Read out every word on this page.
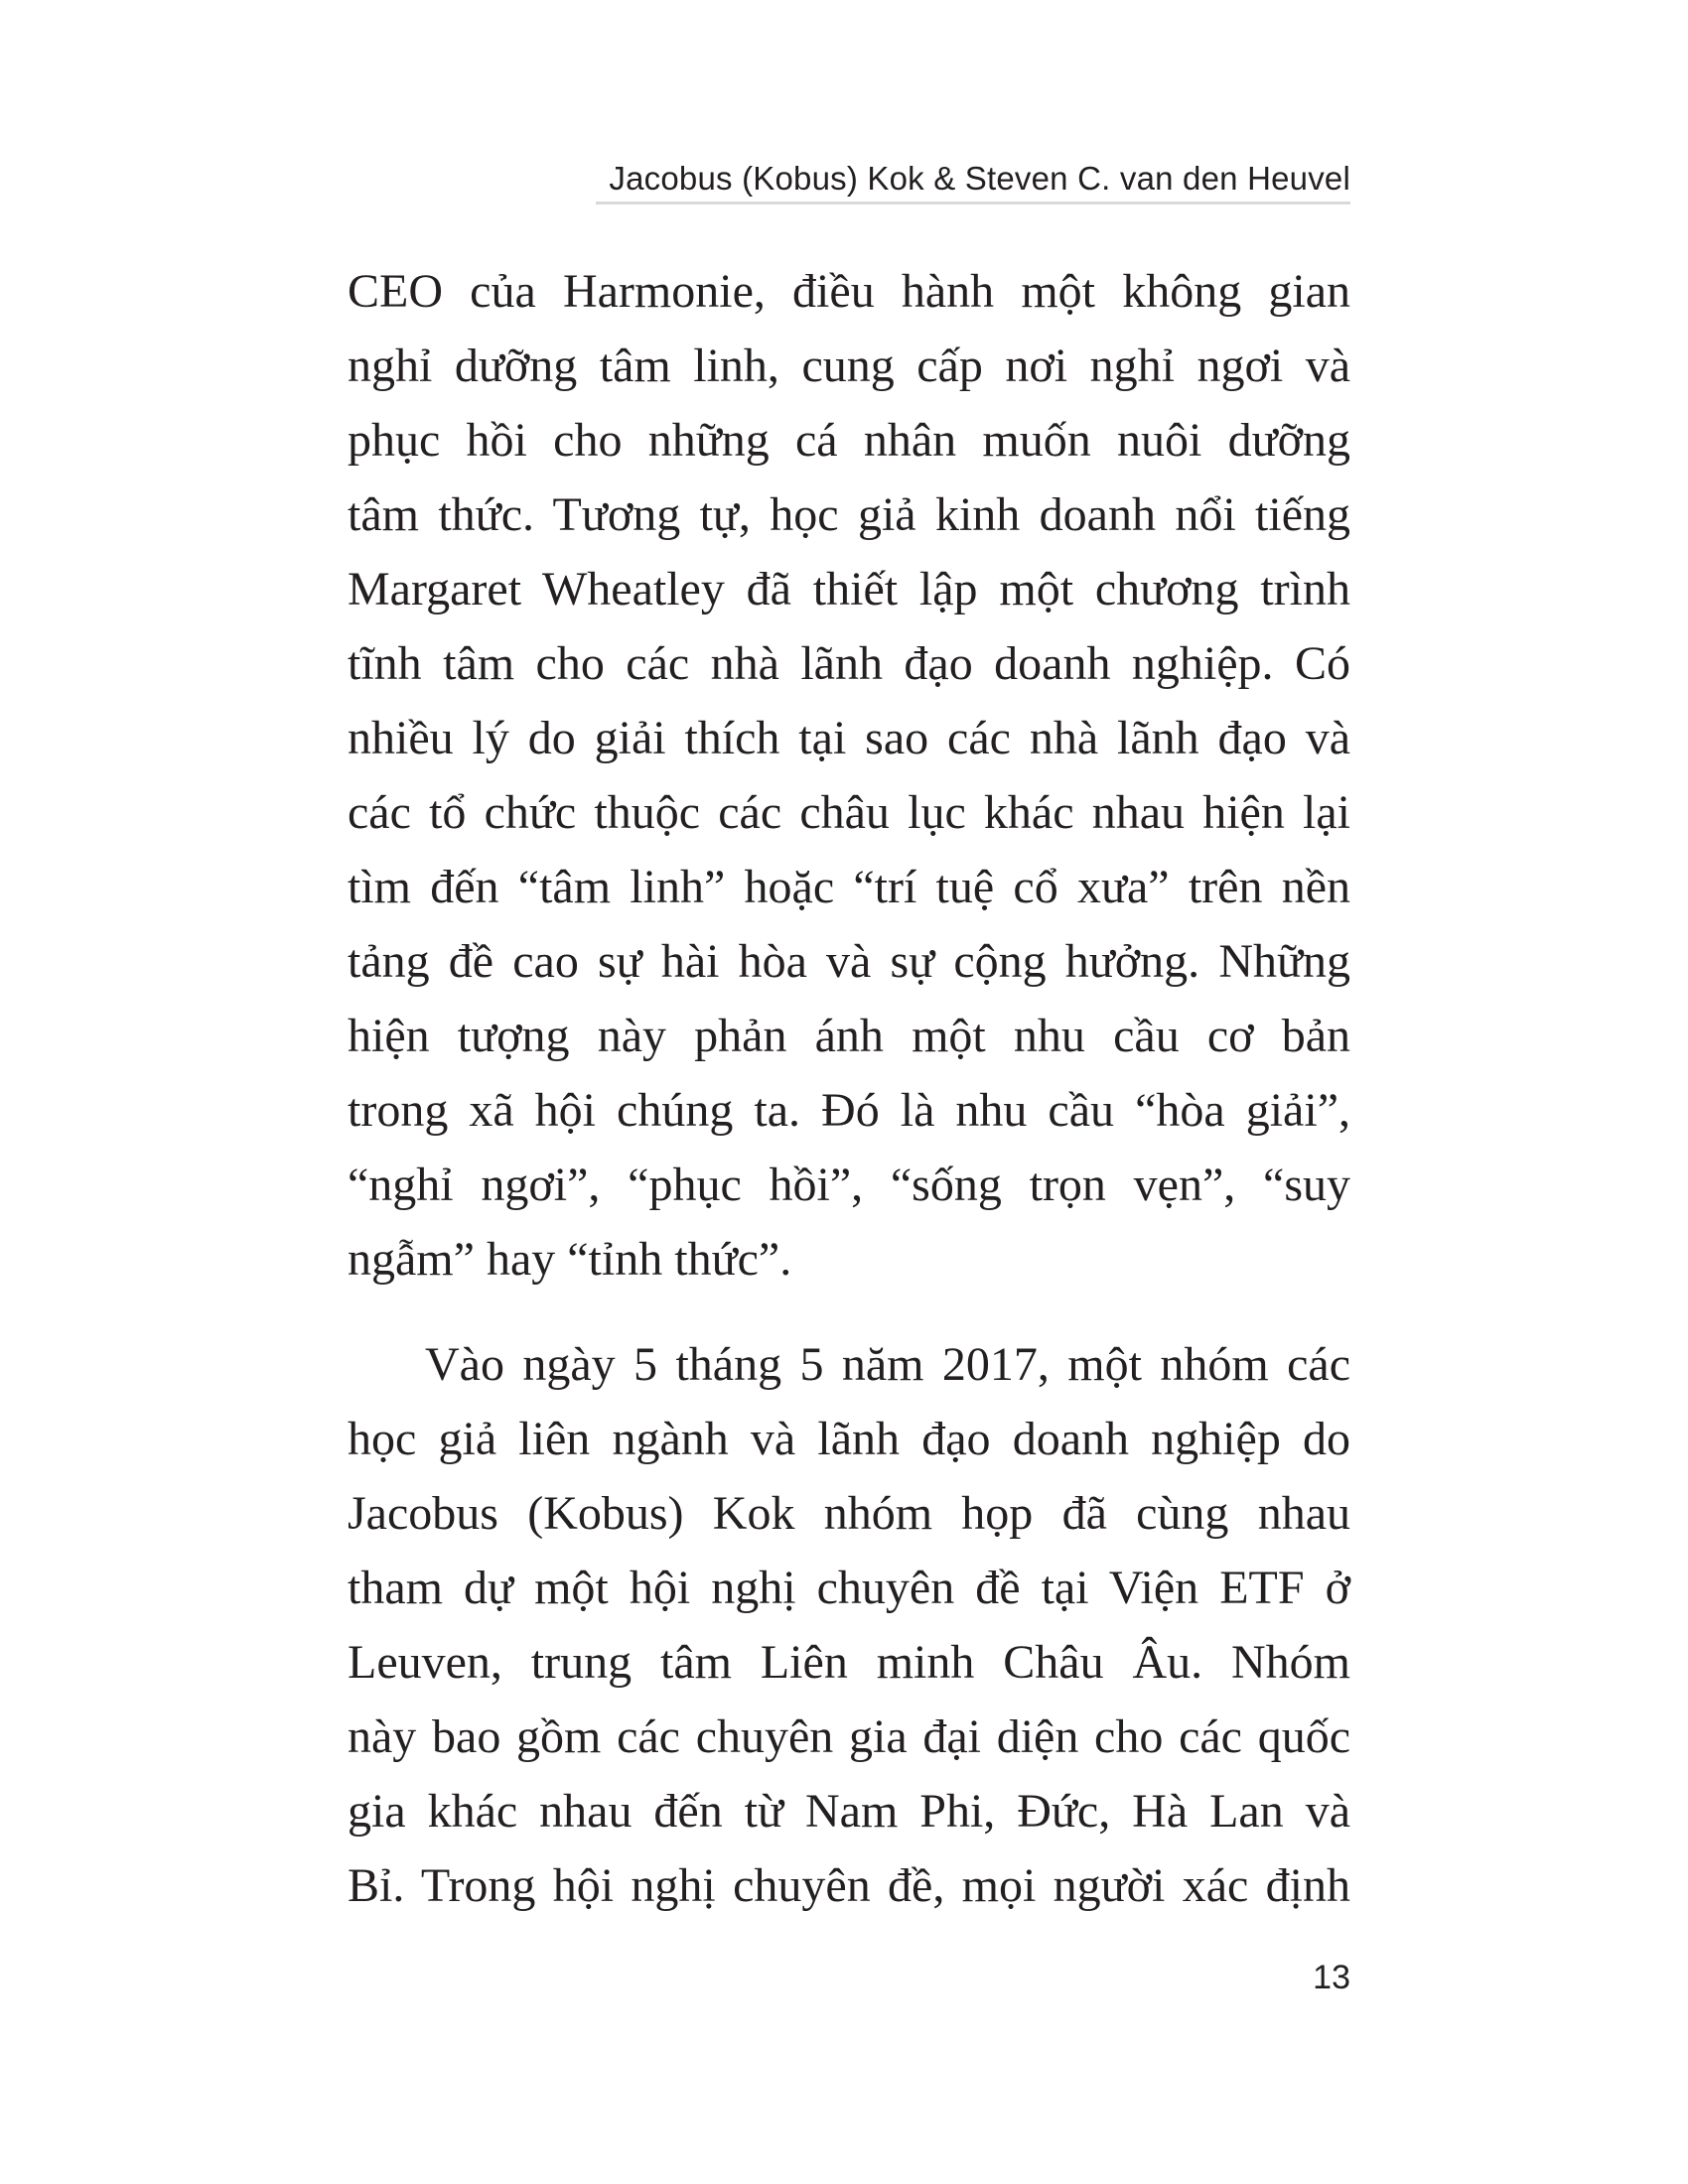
Jacobus (Kobus) Kok & Steven C. van den Heuvel
CEO của Harmonie, điều hành một không gian
nghỉ dưỡng tâm linh, cung cấp nơi nghỉ ngơi và
phục hồi cho những cá nhân muốn nuôi dưỡng
tâm thức. Tương tự, học giả kinh doanh nổi tiếng
Margaret Wheatley đã thiết lập một chương trình
tĩnh tâm cho các nhà lãnh đạo doanh nghiệp. Có
nhiều lý do giải thích tại sao các nhà lãnh đạo và
các tổ chức thuộc các châu lục khác nhau hiện lại
tìm đến “tâm linh” hoặc “trí tuệ cổ xưa” trên nền
tảng đề cao sự hài hòa và sự cộng hưởng. Những
hiện tượng này phản ánh một nhu cầu cơ bản
trong xã hội chúng ta. Đó là nhu cầu “hòa giải”,
“nghỉ ngơi”, “phục hồi”, “sống trọn vẹn”, “suy
ngẫm” hay “tỉnh thức”.
Vào ngày 5 tháng 5 năm 2017, một nhóm các
học giả liên ngành và lãnh đạo doanh nghiệp do
Jacobus (Kobus) Kok nhóm họp đã cùng nhau
tham dự một hội nghị chuyên đề tại Viện ETF ở
Leuven, trung tâm Liên minh Châu Âu. Nhóm
này bao gồm các chuyên gia đại diện cho các quốc
gia khác nhau đến từ Nam Phi, Đức, Hà Lan và
Bỉ. Trong hội nghị chuyên đề, mọi người xác định
13
